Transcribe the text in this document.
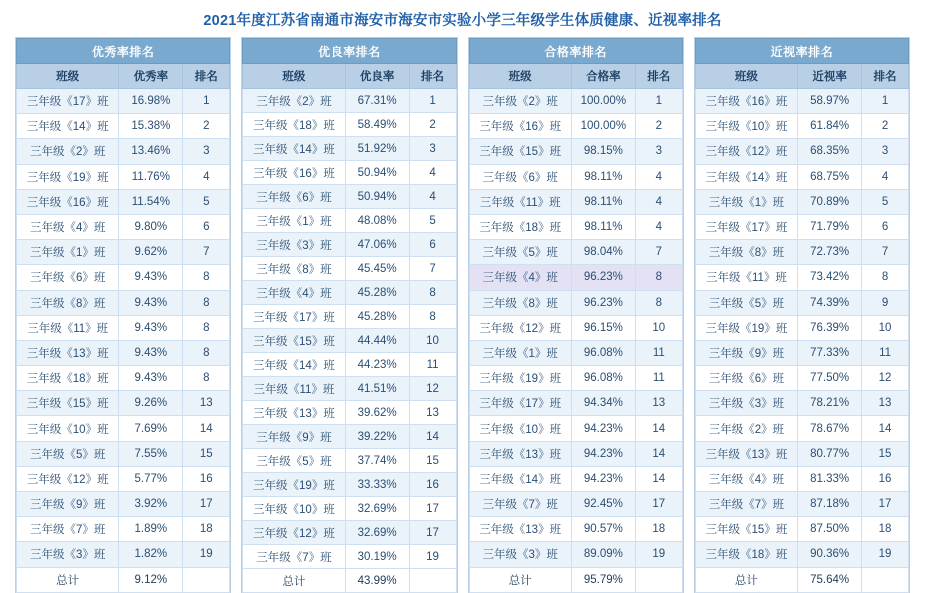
2021年度江苏省南通市海安市海安市实验小学三年级学生体质健康、近视率排名
优秀率排名		
班级	优秀率	排名
三年级《17》班	16.98%	1
三年级《14》班	15.38%	2
三年级《2》班	13.46%	3
三年级《19》班	11.76%	4
三年级《16》班	11.54%	5
三年级《4》班	9.80%	6
三年级《1》班	9.62%	7
三年级《6》班	9.43%	8
三年级《8》班	9.43%	8
三年级《11》班	9.43%	8
三年级《13》班	9.43%	8
三年级《18》班	9.43%	8
三年级《15》班	9.26%	13
三年级《10》班	7.69%	14
三年级《5》班	7.55%	15
三年级《12》班	5.77%	16
三年级《9》班	3.92%	17
三年级《7》班	1.89%	18
三年级《3》班	1.82%	19
总计	9.12%	
优良率排名		
班级	优良率	排名
三年级《2》班	67.31%	1
三年级《18》班	58.49%	2
三年级《14》班	51.92%	3
三年级《16》班	50.94%	4
三年级《6》班	50.94%	4
三年级《1》班	48.08%	5
三年级《3》班	47.06%	6
三年级《8》班	45.45%	7
三年级《4》班	45.28%	8
三年级《17》班	45.28%	8
三年级《15》班	44.44%	10
三年级《14》班	44.23%	11
三年级《11》班	41.51%	12
三年级《13》班	39.62%	13
三年级《9》班	39.22%	14
三年级《5》班	37.74%	15
三年级《19》班	33.33%	16
三年级《10》班	32.69%	17
三年级《12》班	32.69%	17
三年级《7》班	30.19%	19
总计	43.99%	
合格率排名		
班级	合格率	排名
三年级《2》班	100.00%	1
三年级《16》班	100.00%	2
三年级《15》班	98.15%	3
三年级《6》班	98.11%	4
三年级《11》班	98.11%	4
三年级《18》班	98.11%	4
三年级《5》班	98.04%	7
三年级《4》班	96.23%	8
三年级《8》班	96.23%	8
三年级《12》班	96.15%	10
三年级《1》班	96.08%	11
三年级《19》班	96.08%	11
三年级《17》班	94.34%	13
三年级《10》班	94.23%	14
三年级《13》班	94.23%	14
三年级《14》班	94.23%	14
三年级《7》班	92.45%	17
三年级《13》班	90.57%	18
三年级《3》班	89.09%	19
总计	95.79%	
近视率排名		
班级	近视率	排名
三年级《16》班	58.97%	1
三年级《10》班	61.84%	2
三年级《12》班	68.35%	3
三年级《14》班	68.75%	4
三年级《1》班	70.89%	5
三年级《17》班	71.79%	6
三年级《8》班	72.73%	7
三年级《11》班	73.42%	8
三年级《5》班	74.39%	9
三年级《19》班	76.39%	10
三年级《9》班	77.33%	11
三年级《6》班	77.50%	12
三年级《3》班	78.21%	13
三年级《2》班	78.67%	14
三年级《13》班	80.77%	15
三年级《4》班	81.33%	16
三年级《7》班	87.18%	17
三年级《15》班	87.50%	18
三年级《18》班	90.36%	19
总计	75.64%	
